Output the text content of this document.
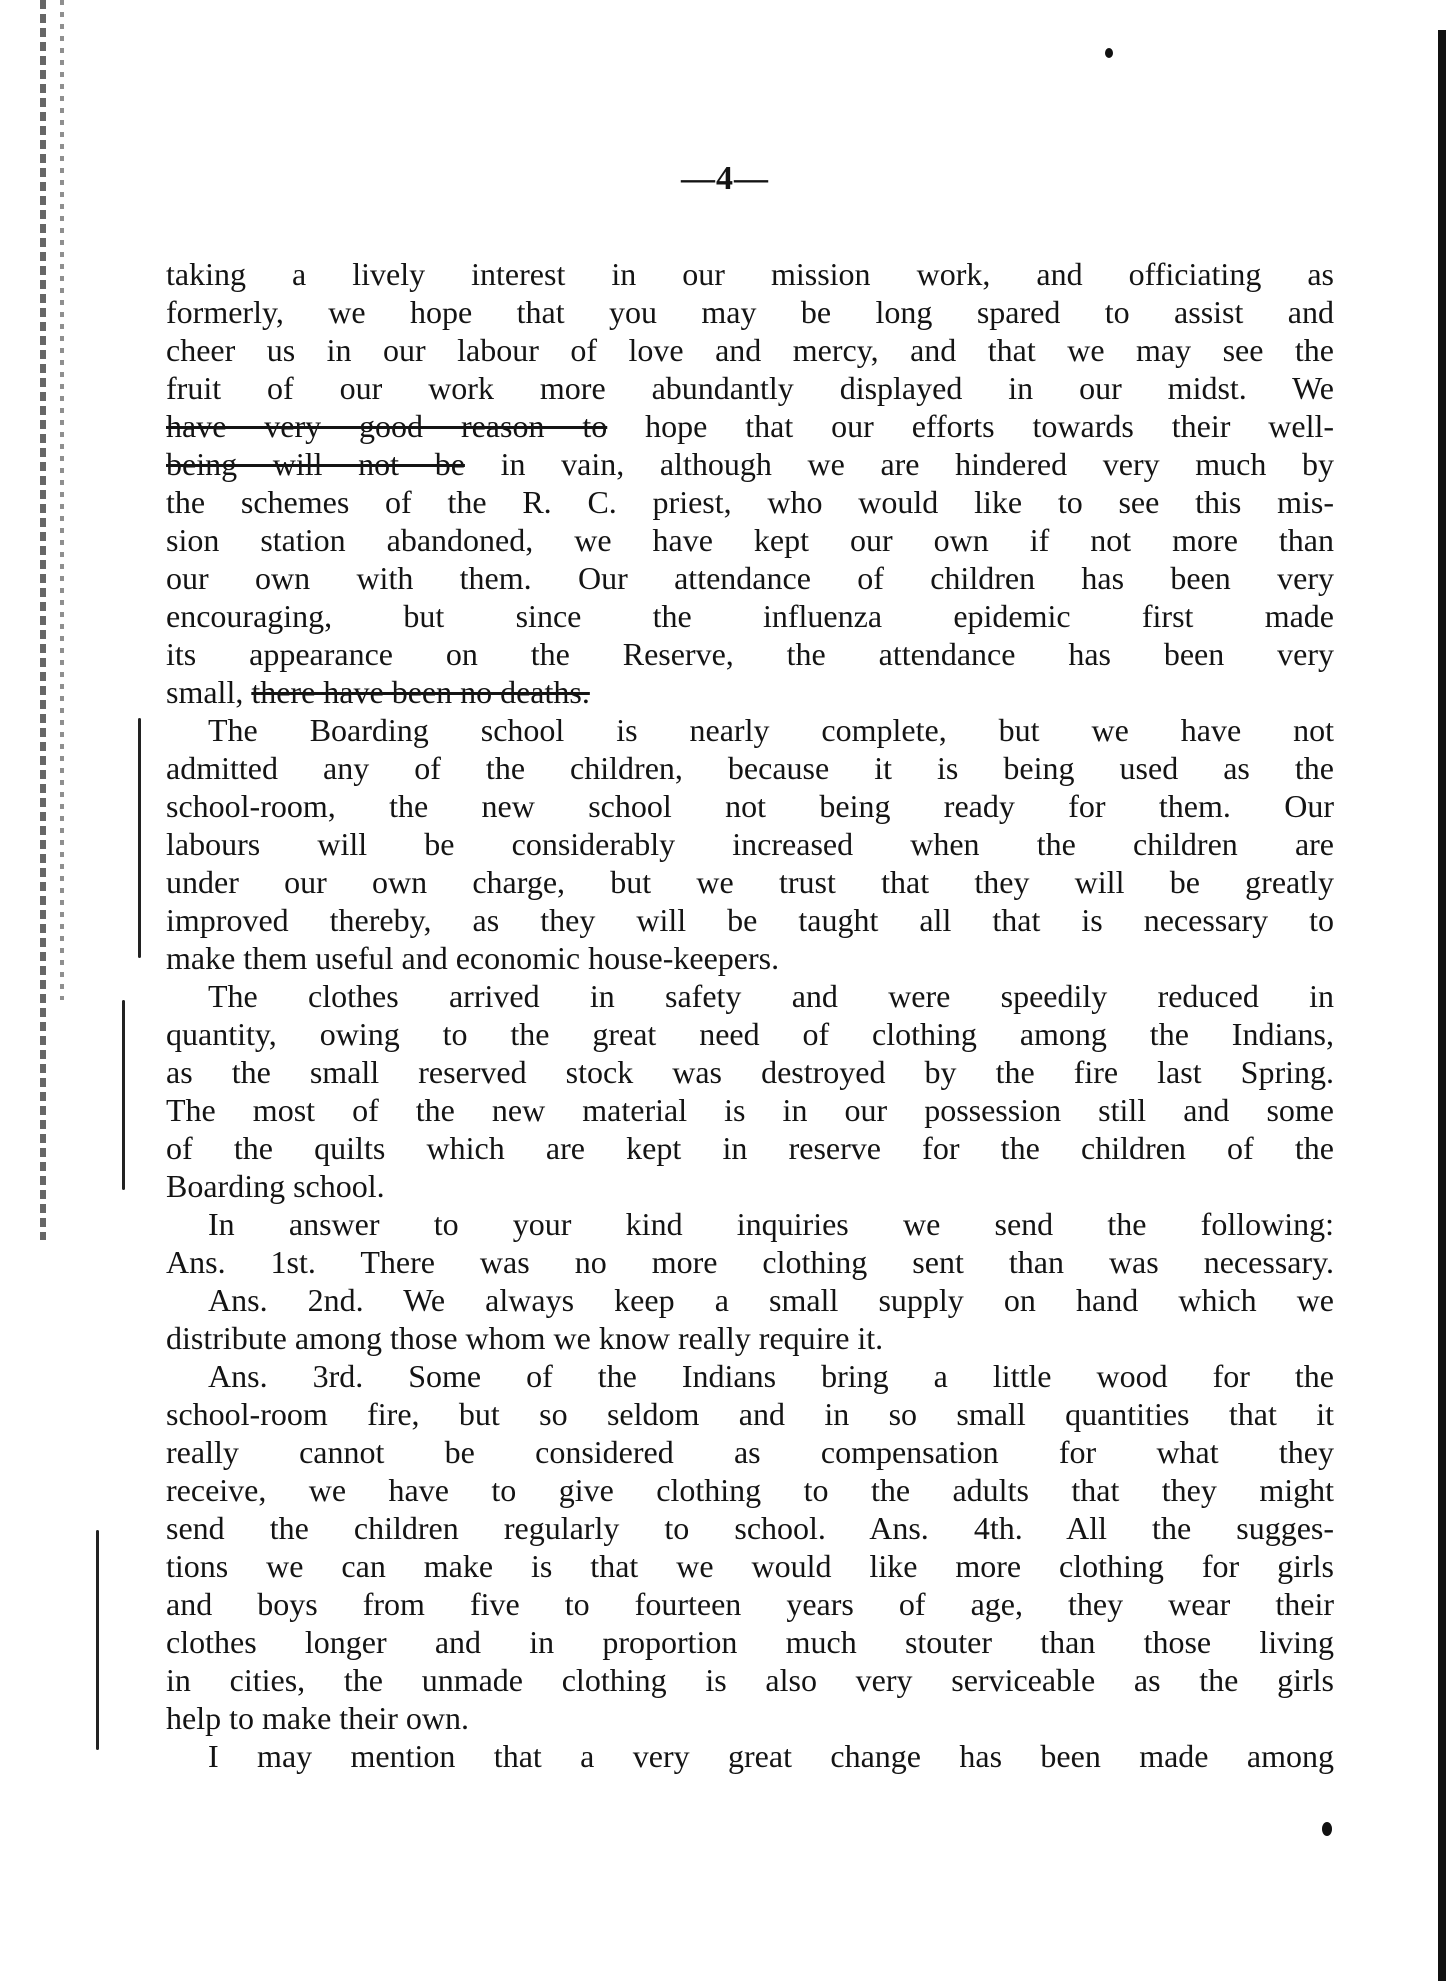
—4—
taking a lively interest in our mission work, and officiating as
formerly, we hope that you may be long spared to assist and
cheer us in our labour of love and mercy, and that we may see the
fruit of our work more abundantly displayed in our midst. We
have very good reason to hope that our efforts towards their well-
being will not be in vain, although we are hindered very much by
the schemes of the R. C. priest, who would like to see this mis-
sion station abandoned, we have kept our own if not more than
our own with them. Our attendance of children has been very
encouraging, but since the influenza epidemic first made
its appearance on the Reserve, the attendance has been very
small, there have been no deaths.
The Boarding school is nearly complete, but we have not
admitted any of the children, because it is being used as the
school-room, the new school not being ready for them. Our
labours will be considerably increased when the children are
under our own charge, but we trust that they will be greatly
improved thereby, as they will be taught all that is necessary to
make them useful and economic house-keepers.
The clothes arrived in safety and were speedily reduced in
quantity, owing to the great need of clothing among the Indians,
as the small reserved stock was destroyed by the fire last Spring.
The most of the new material is in our possession still and some
of the quilts which are kept in reserve for the children of the
Boarding school.
In answer to your kind inquiries we send the following:
Ans. 1st. There was no more clothing sent than was necessary.
Ans. 2nd. We always keep a small supply on hand which we
distribute among those whom we know really require it.
Ans. 3rd. Some of the Indians bring a little wood for the
school-room fire, but so seldom and in so small quantities that it
really cannot be considered as compensation for what they
receive, we have to give clothing to the adults that they might
send the children regularly to school. Ans. 4th. All the sugges-
tions we can make is that we would like more clothing for girls
and boys from five to fourteen years of age, they wear their
clothes longer and in proportion much stouter than those living
in cities, the unmade clothing is also very serviceable as the girls
help to make their own.
I may mention that a very great change has been made among
